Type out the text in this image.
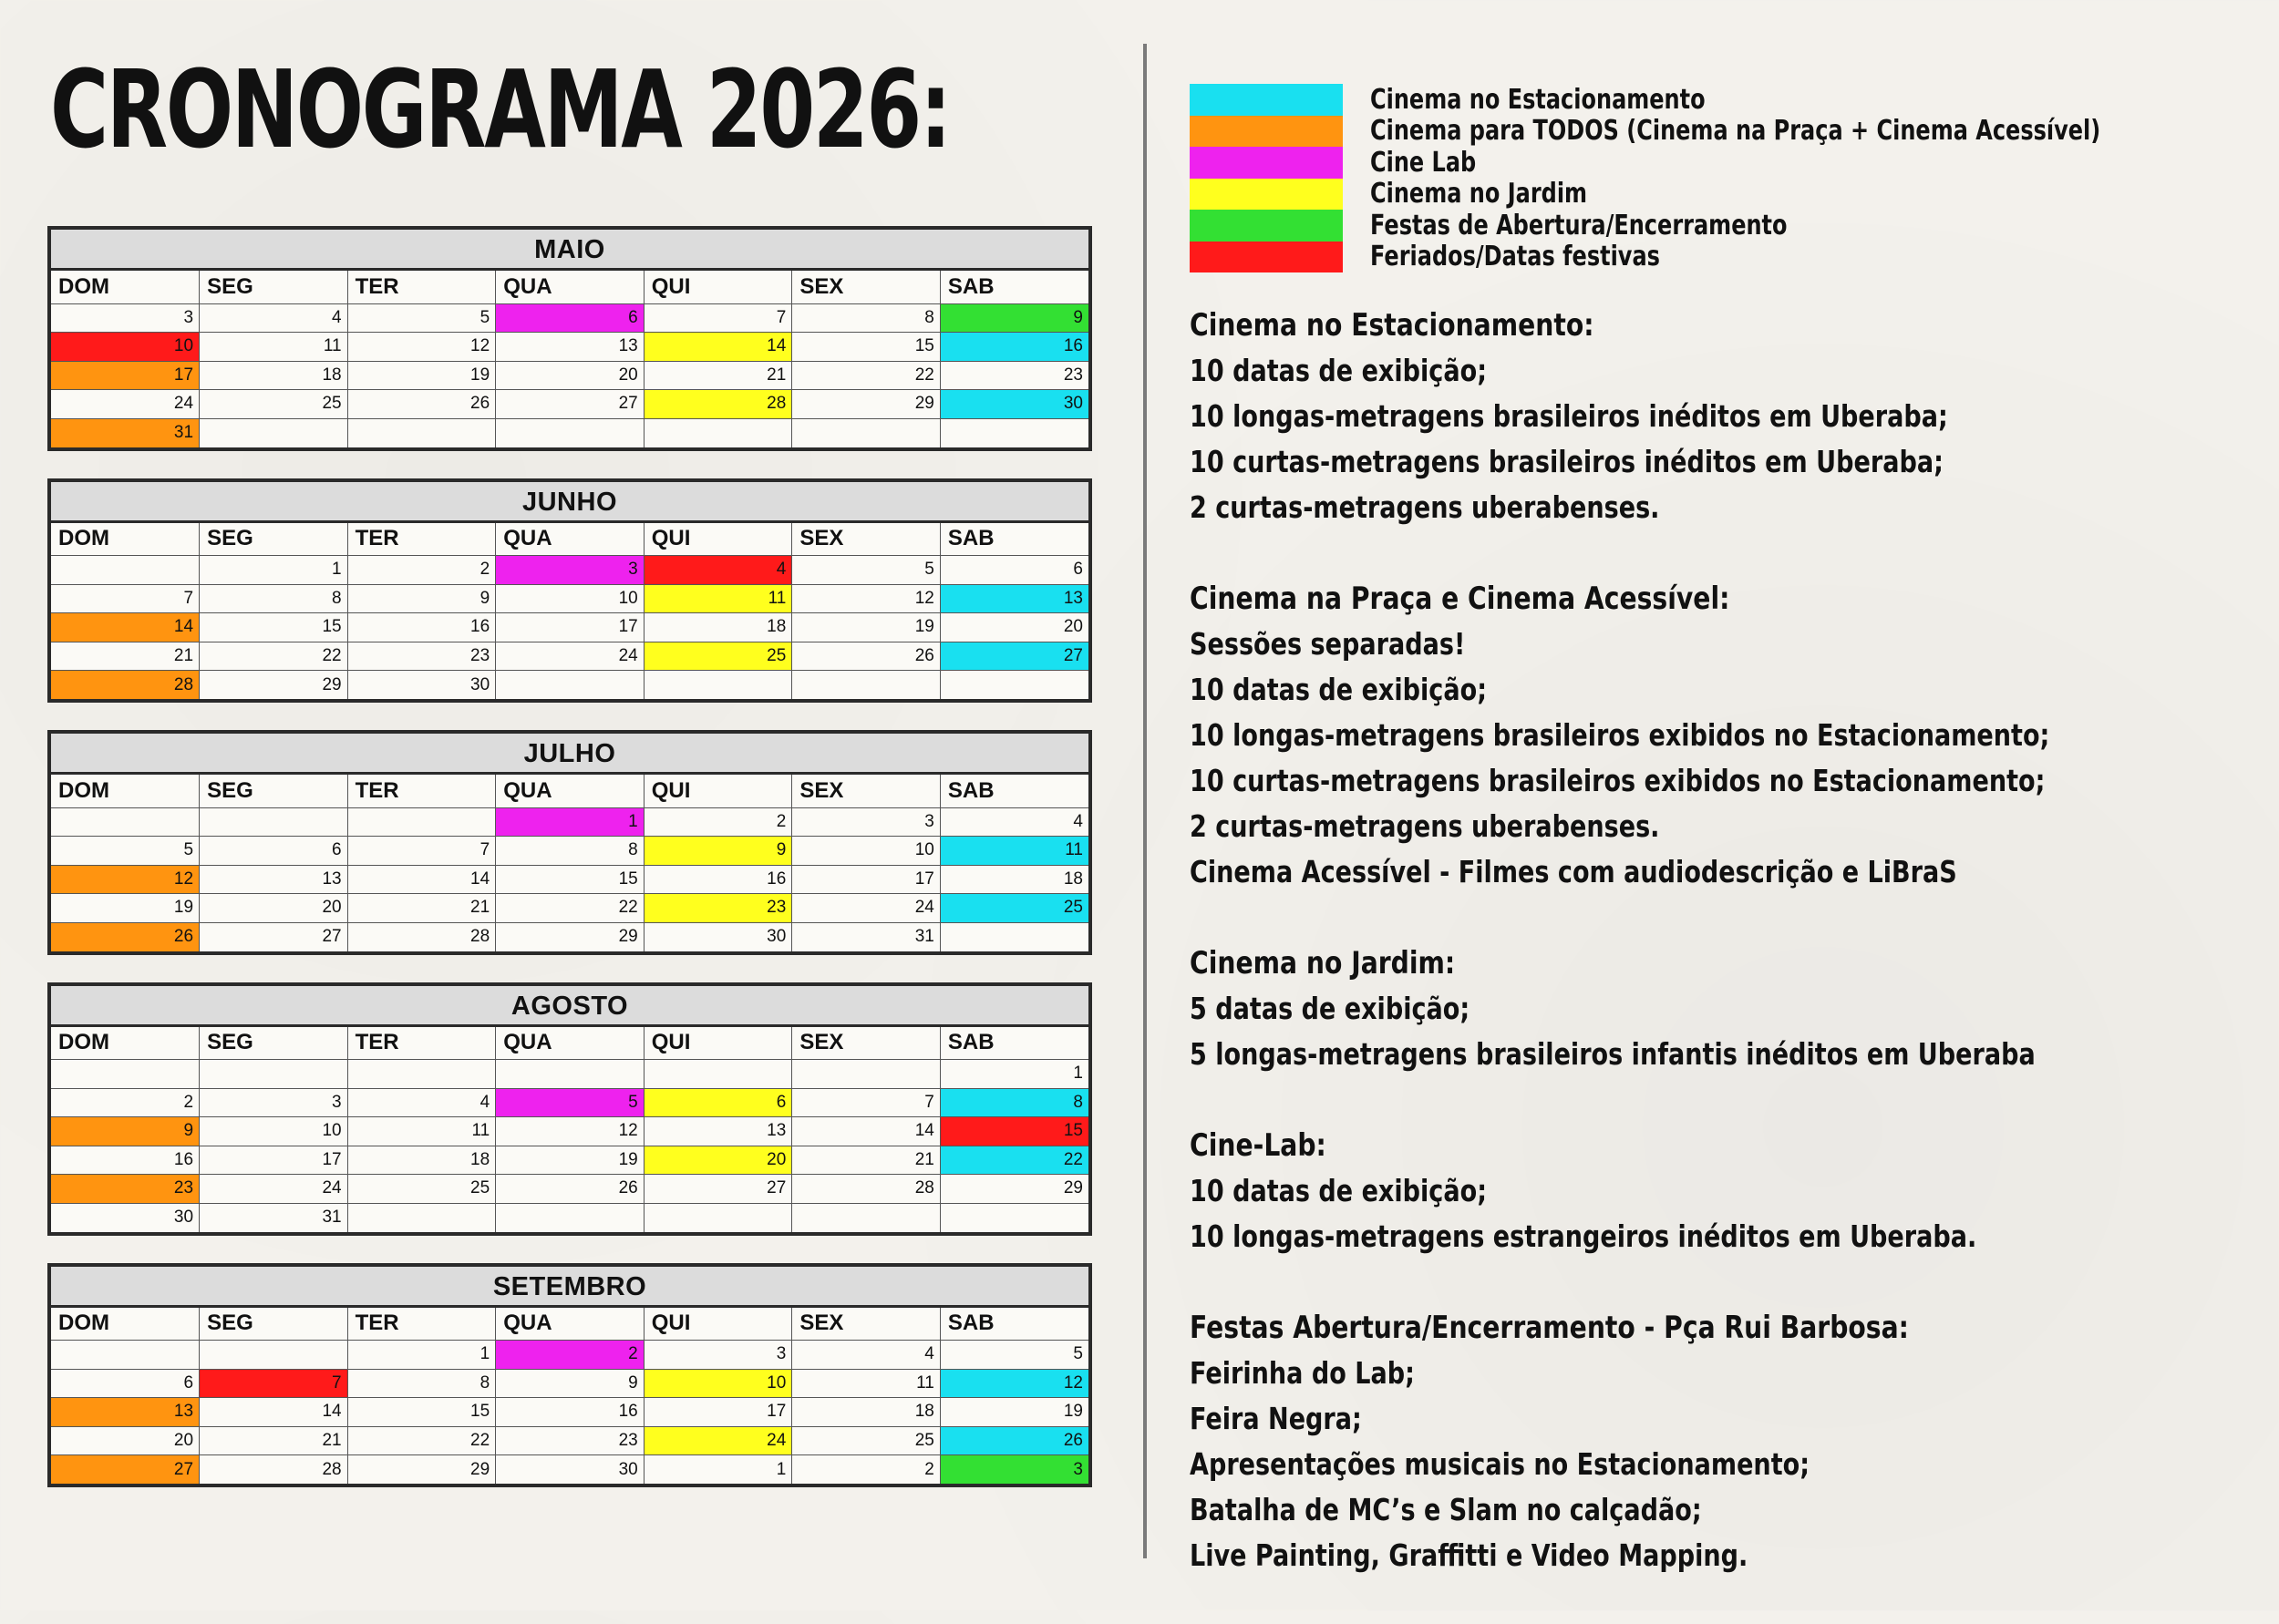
CRONOGRAMA 2026:
MAIO
DOM	SEG	TER	QUA	QUI	SEX	SAB
3	4	5	6	7	8	9
10	11	12	13	14	15	16
17	18	19	20	21	22	23
24	25	26	27	28	29	30
31						
JUNHO
DOM	SEG	TER	QUA	QUI	SEX	SAB
	1	2	3	4	5	6
7	8	9	10	11	12	13
14	15	16	17	18	19	20
21	22	23	24	25	26	27
28	29	30				
JULHO
DOM	SEG	TER	QUA	QUI	SEX	SAB
			1	2	3	4
5	6	7	8	9	10	11
12	13	14	15	16	17	18
19	20	21	22	23	24	25
26	27	28	29	30	31	
AGOSTO
DOM	SEG	TER	QUA	QUI	SEX	SAB
						1
2	3	4	5	6	7	8
9	10	11	12	13	14	15
16	17	18	19	20	21	22
23	24	25	26	27	28	29
30	31					
SETEMBRO
DOM	SEG	TER	QUA	QUI	SEX	SAB
		1	2	3	4	5
6	7	8	9	10	11	12
13	14	15	16	17	18	19
20	21	22	23	24	25	26
27	28	29	30	1	2	3
Cinema no Estacionamento
Cinema para TODOS (Cinema na Praça + Cinema Acessível)
Cine Lab
Cinema no Jardim
Festas de Abertura/Encerramento
Feriados/Datas festivas
Cinema no Estacionamento:
10 datas de exibição;
10 longas-metragens brasileiros inéditos em Uberaba;
10 curtas-metragens brasileiros inéditos em Uberaba;
2 curtas-metragens uberabenses.
Cinema na Praça e Cinema Acessível:
Sessões separadas!
10 datas de exibição;
10 longas-metragens brasileiros exibidos no Estacionamento;
10 curtas-metragens brasileiros exibidos no Estacionamento;
2 curtas-metragens uberabenses.
Cinema Acessível - Filmes com audiodescrição e LiBraS
Cinema no Jardim:
5 datas de exibição;
5 longas-metragens brasileiros infantis inéditos em Uberaba
Cine-Lab:
10 datas de exibição;
10 longas-metragens estrangeiros inéditos em Uberaba.
Festas Abertura/Encerramento - Pça Rui Barbosa:
Feirinha do Lab;
Feira Negra;
Apresentações musicais no Estacionamento;
Batalha de MC’s e Slam no calçadão;
Live Painting, Graffitti e Video Mapping.
